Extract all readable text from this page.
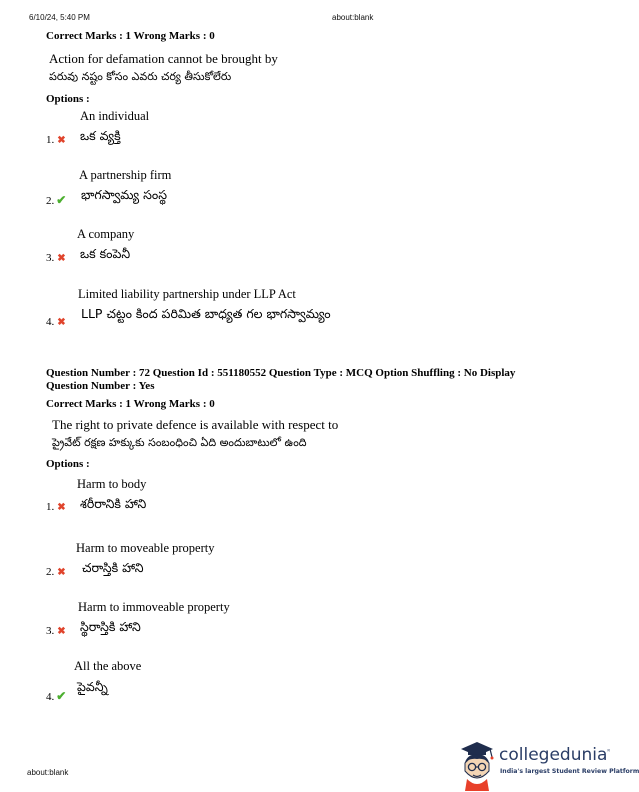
6/10/24, 5:40 PM	about:blank
Correct Marks : 1 Wrong Marks : 0
Action for defamation cannot be brought by
పరువు నష్టం కోసం ఎవరు చర్య తీసుకోలేరు
Options :
An individual
ఒక వ్యక్తి
1. ✖
A partnership firm
భాగస్వామ్య సంస్థ
2. ✔
A company
ఒక కంపెనీ
3. ✖
Limited liability partnership under LLP Act
LLP చట్టం కింద పరిమిత బాధ్యత గల భాగస్వామ్యం
4. ✖
Question Number : 72 Question Id : 551180552 Question Type : MCQ Option Shuffling : No Display
Question Number : Yes
Correct Marks : 1 Wrong Marks : 0
The right to private defence is available with respect to
ప్రైవేట్ రక్షణ హక్కుకు సంబంధించి ఏది అందుబాటులో ఉంది
Options :
Harm to body
శరీరానికి హాని
1. ✖
Harm to moveable property
చరాస్తికి హాని
2. ✖
Harm to immoveable property
స్థిరాస్తికి హాని
3. ✖
All the above
పైవన్నీ
4. ✔
about:blank
collegedunia$^ᴿ$
India's largest Student Review Platform
